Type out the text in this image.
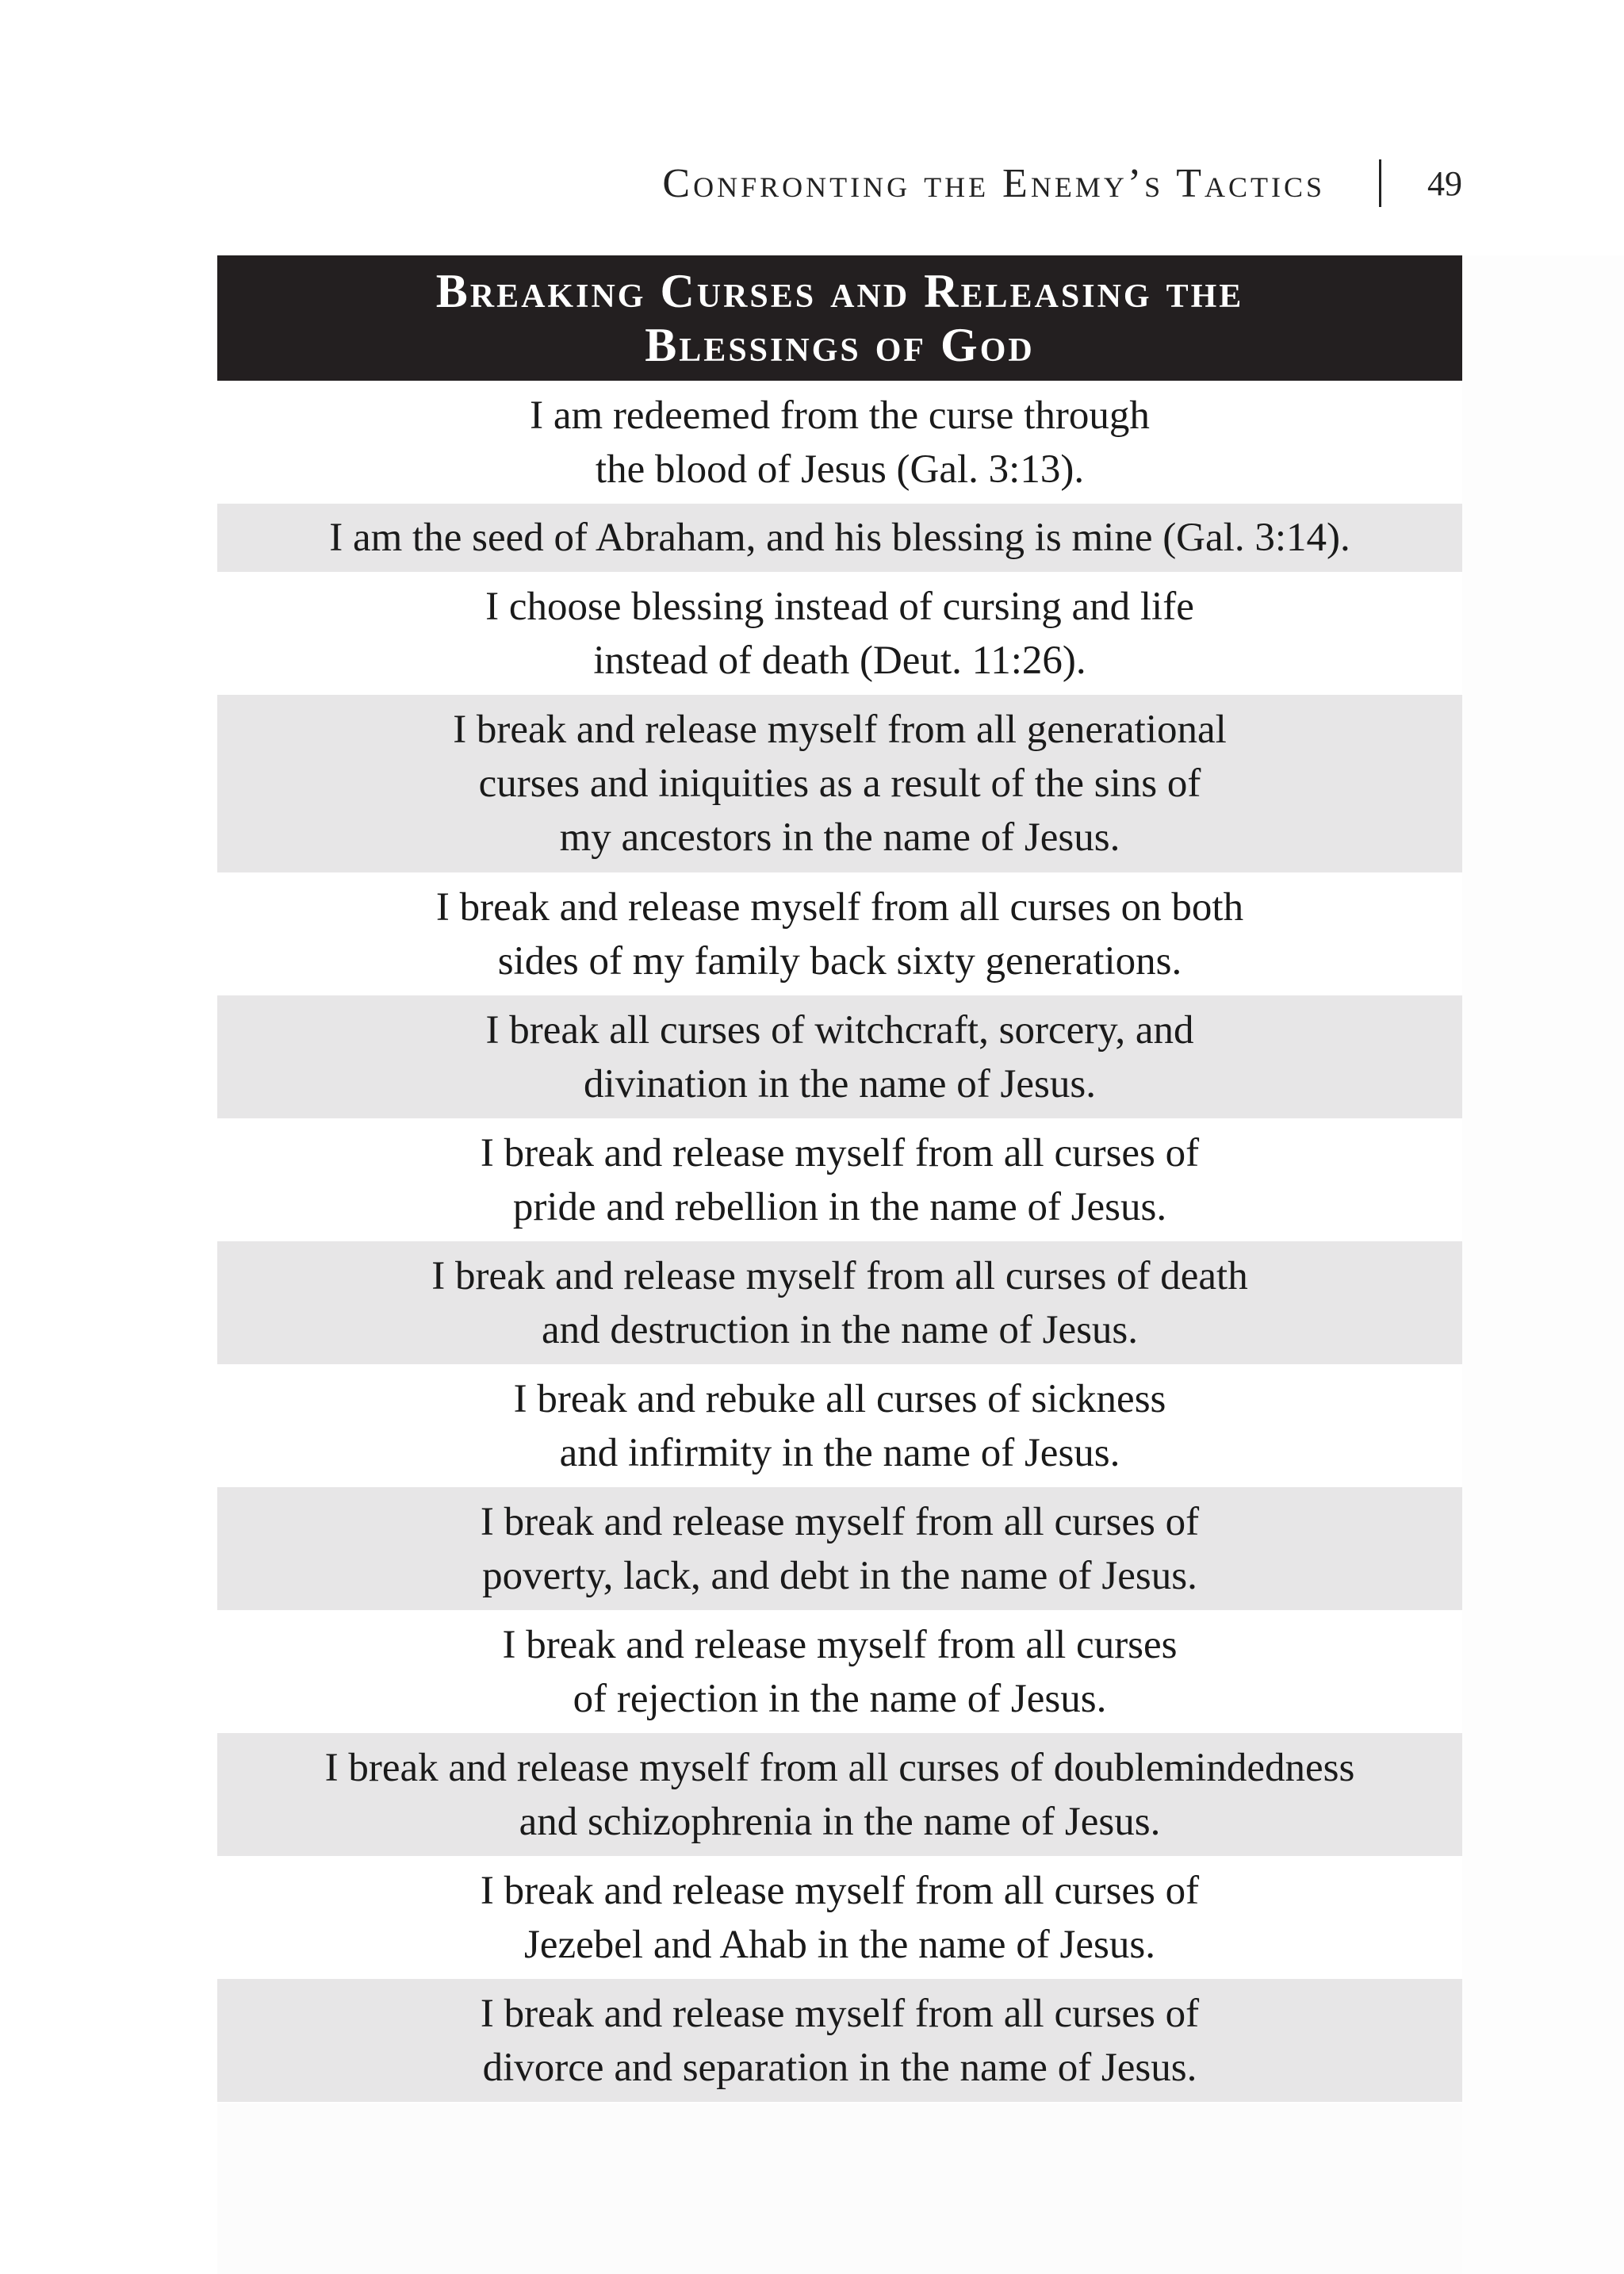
Confronting the Enemy’s Tactics	49
Breaking Curses and Releasing the
Blessings of God
I am redeemed from the curse through
the blood of Jesus (Gal. 3:13).
I am the seed of Abraham, and his blessing is mine (Gal. 3:14).
I choose blessing instead of cursing and life
instead of death (Deut. 11:26).
I break and release myself from all generational
curses and iniquities as a result of the sins of
my ancestors in the name of Jesus.
I break and release myself from all curses on both
sides of my family back sixty generations.
I break all curses of witchcraft, sorcery, and
divination in the name of Jesus.
I break and release myself from all curses of
pride and rebellion in the name of Jesus.
I break and release myself from all curses of death
and destruction in the name of Jesus.
I break and rebuke all curses of sickness
and infirmity in the name of Jesus.
I break and release myself from all curses of
poverty, lack, and debt in the name of Jesus.
I break and release myself from all curses
of rejection in the name of Jesus.
I break and release myself from all curses of doublemindedness
and schizophrenia in the name of Jesus.
I break and release myself from all curses of
Jezebel and Ahab in the name of Jesus.
I break and release myself from all curses of
divorce and separation in the name of Jesus.
